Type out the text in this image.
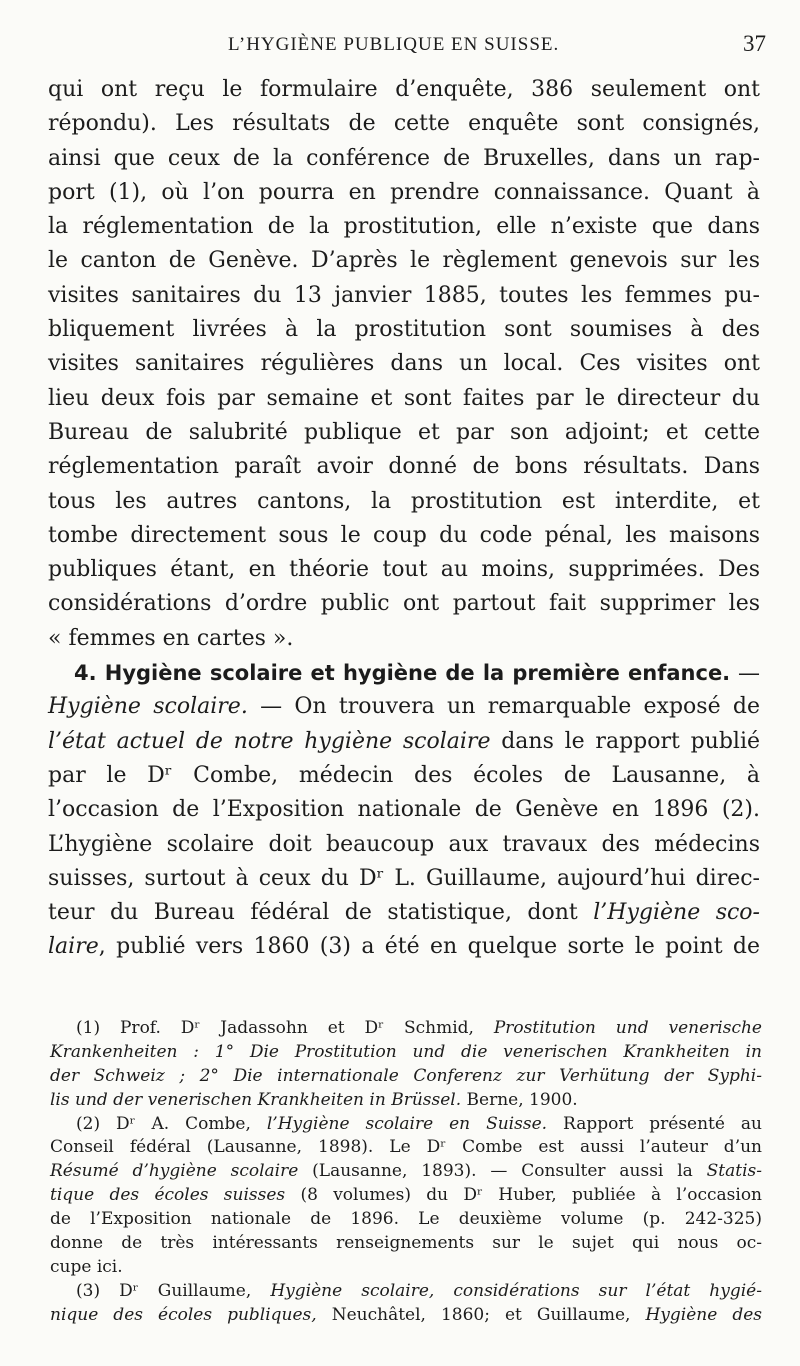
L’HYGIÈNE PUBLIQUE EN SUISSE.	37
qui ont reçu le formulaire d’enquête, 386 seulement ont
répondu). Les résultats de cette enquête sont consignés,
ainsi que ceux de la conférence de Bruxelles, dans un rap-
port (1), où l’on pourra en prendre connaissance. Quant à
la réglementation de la prostitution, elle n’existe que dans
le canton de Genève. D’après le règlement genevois sur les
visites sanitaires du 13 janvier 1885, toutes les femmes pu-
bliquement livrées à la prostitution sont soumises à des
visites sanitaires régulières dans un local. Ces visites ont
lieu deux fois par semaine et sont faites par le directeur du
Bureau de salubrité publique et par son adjoint; et cette
réglementation paraît avoir donné de bons résultats. Dans
tous les autres cantons, la prostitution est interdite, et
tombe directement sous le coup du code pénal, les maisons
publiques étant, en théorie tout au moins, supprimées. Des
considérations d’ordre public ont partout fait supprimer les
« femmes en cartes ».
4. Hygiène scolaire et hygiène de la première enfance. —
Hygiène scolaire. — On trouvera un remarquable exposé de
l’état actuel de notre hygiène scolaire dans le rapport publié
par le Dʳ Combe, médecin des écoles de Lausanne, à
l’occasion de l’Exposition nationale de Genève en 1896 (2).
L’hygiène scolaire doit beaucoup aux travaux des médecins
suisses, surtout à ceux du Dʳ L. Guillaume, aujourd’hui direc-
teur du Bureau fédéral de statistique, dont l’Hygiène sco-
laire, publié vers 1860 (3) a été en quelque sorte le point de
(1) Prof. Dʳ Jadassohn et Dʳ Schmid, Prostitution und venerische
Krankenheiten : 1° Die Prostitution und die venerischen Krankheiten in
der Schweiz ; 2° Die internationale Conferenz zur Verhütung der Syphi-
lis und der venerischen Krankheiten in Brüssel. Berne, 1900.
(2) Dʳ A. Combe, l’Hygiène scolaire en Suisse. Rapport présenté au
Conseil fédéral (Lausanne, 1898). Le Dʳ Combe est aussi l’auteur d’un
Résumé d’hygiène scolaire (Lausanne, 1893). — Consulter aussi la Statis-
tique des écoles suisses (8 volumes) du Dʳ Huber, publiée à l’occasion
de l’Exposition nationale de 1896. Le deuxième volume (p. 242-325)
donne de très intéressants renseignements sur le sujet qui nous oc-
cupe ici.
(3) Dʳ Guillaume, Hygiène scolaire, considérations sur l’état hygié-
nique des écoles publiques, Neuchâtel, 1860; et Guillaume, Hygiène des
